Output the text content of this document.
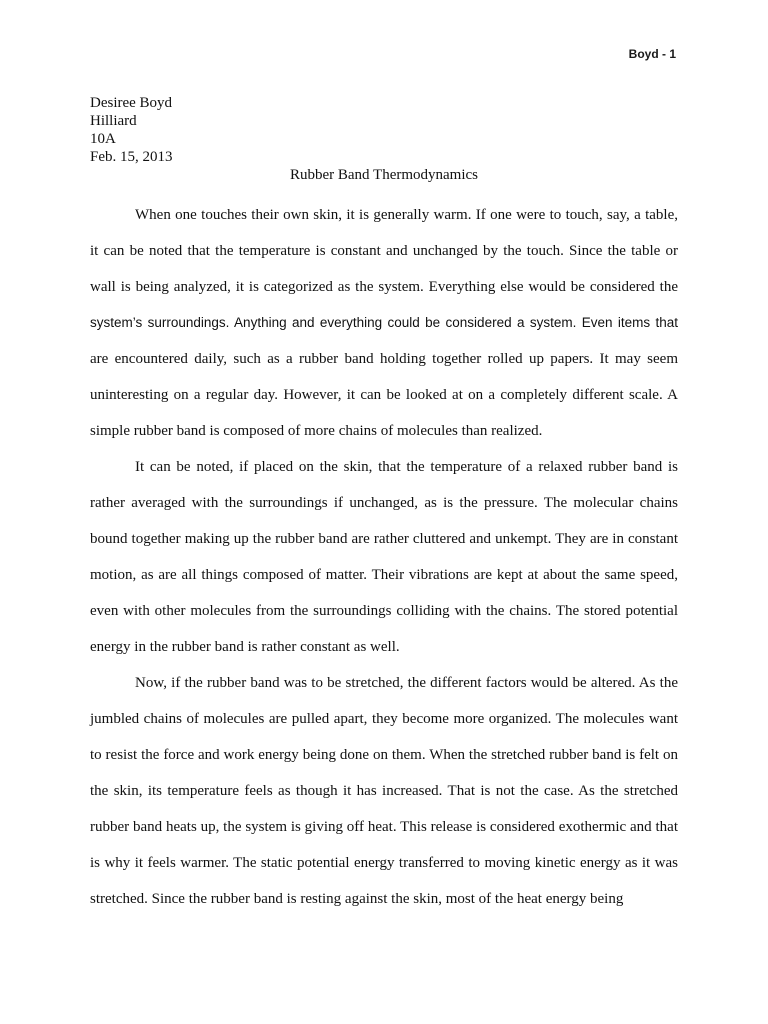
Boyd - 1
Desiree Boyd
Hilliard
10A
Feb. 15, 2013
Rubber Band Thermodynamics

When one touches their own skin, it is generally warm. If one were to touch, say, a table, it can be noted that the temperature is constant and unchanged by the touch. Since the table or wall is being analyzed, it is categorized as the system. Everything else would be considered the system’s surroundings. Anything and everything could be considered a system. Even items that are encountered daily, such as a rubber band holding together rolled up papers. It may seem uninteresting on a regular day. However, it can be looked at on a completely different scale. A simple rubber band is composed of more chains of molecules than realized.

It can be noted, if placed on the skin, that the temperature of a relaxed rubber band is rather averaged with the surroundings if unchanged, as is the pressure. The molecular chains bound together making up the rubber band are rather cluttered and unkempt. They are in constant motion, as are all things composed of matter. Their vibrations are kept at about the same speed, even with other molecules from the surroundings colliding with the chains. The stored potential energy in the rubber band is rather constant as well.

Now, if the rubber band was to be stretched, the different factors would be altered. As the jumbled chains of molecules are pulled apart, they become more organized. The molecules want to resist the force and work energy being done on them. When the stretched rubber band is felt on the skin, its temperature feels as though it has increased. That is not the case. As the stretched rubber band heats up, the system is giving off heat. This release is considered exothermic and that is why it feels warmer. The static potential energy transferred to moving kinetic energy as it was stretched. Since the rubber band is resting against the skin, most of the heat energy being
